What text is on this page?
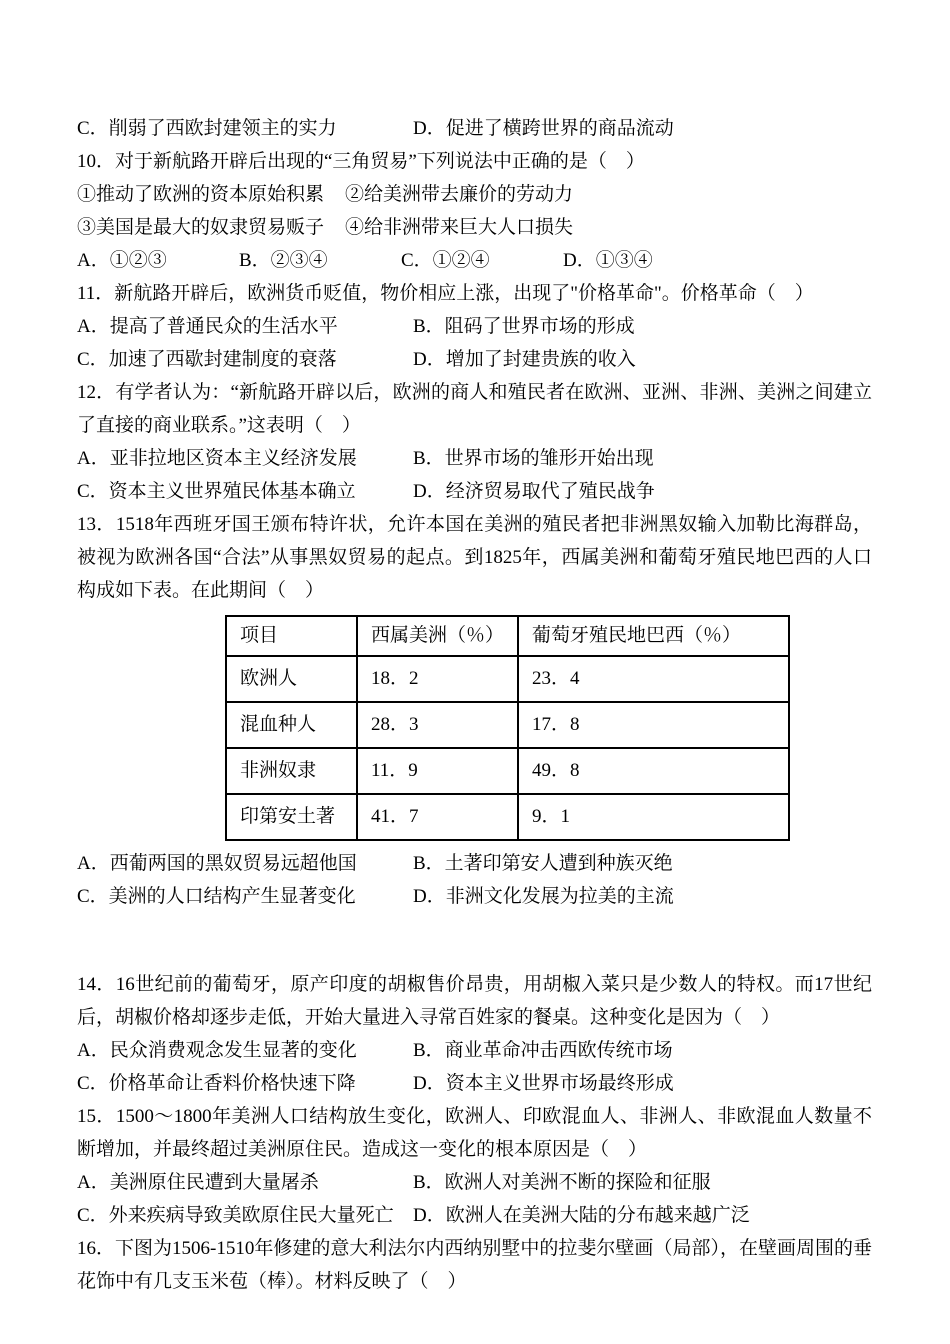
C．削弱了西欧封建领主的实力	D．促进了横跨世界的商品流动

10．对于新航路开辟后出现的“三角贸易”下列说法中正确的是（　）

①推动了欧洲的资本原始积累	②给美洲带去廉价的劳动力
③美国是最大的奴隶贸易贩子	④给非洲带来巨大人口损失
A．①②③	B．②③④	C．①②④	D．①③④

11．新航路开辟后，欧洲货币贬值，物价相应上涨，出现了"价格革命"。价格革命（　）

A．提高了普通民众的生活水平	B．阻码了世界市场的形成
C．加速了西歇封建制度的衰落	D．增加了封建贵族的收入

12．有学者认为：“新航路开辟以后，欧洲的商人和殖民者在欧洲、亚洲、非洲、美洲之间建立了直接的商业联系。”这表明（　）

A．亚非拉地区资本主义经济发展	B．世界市场的雏形开始出现
C．资本主义世界殖民体基本确立	D．经济贸易取代了殖民战争

13．1518年西班牙国王颁布特许状，允许本国在美洲的殖民者把非洲黑奴输入加勒比海群岛，被视为欧洲各国“合法”从事黑奴贸易的起点。到1825年，西属美洲和葡萄牙殖民地巴西的人口构成如下表。在此期间（　）

项目	西属美洲（％）	葡萄牙殖民地巴西（％）
欧洲人	18．2	23．4
混血种人	28．3	17．8
非洲奴隶	11．9	49．8
印第安土著	41．7	9．1
A．西葡两国的黑奴贸易远超他国	B．土著印第安人遭到种族灭绝
C．美洲的人口结构产生显著变化	D．非洲文化发展为拉美的主流

14．16世纪前的葡萄牙，原产印度的胡椒售价昂贵，用胡椒入菜只是少数人的特权。而17世纪后，胡椒价格却逐步走低，开始大量进入寻常百姓家的餐桌。这种变化是因为（　）

A．民众消费观念发生显著的变化	B．商业革命冲击西欧传统市场
C．价格革命让香料价格快速下降	D．资本主义世界市场最终形成

15．1500～1800年美洲人口结构放生变化，欧洲人、印欧混血人、非洲人、非欧混血人数量不断增加，并最终超过美洲原住民。造成这一变化的根本原因是（　）

A．美洲原住民遭到大量屠杀	B．欧洲人对美洲不断的探险和征服
C．外来疾病导致美欧原住民大量死亡	D．欧洲人在美洲大陆的分布越来越广泛

16．下图为1506-1510年修建的意大利法尔内西纳别墅中的拉斐尔壁画（局部），在壁画周围的垂花饰中有几支玉米苞（棒）。材料反映了（　）
